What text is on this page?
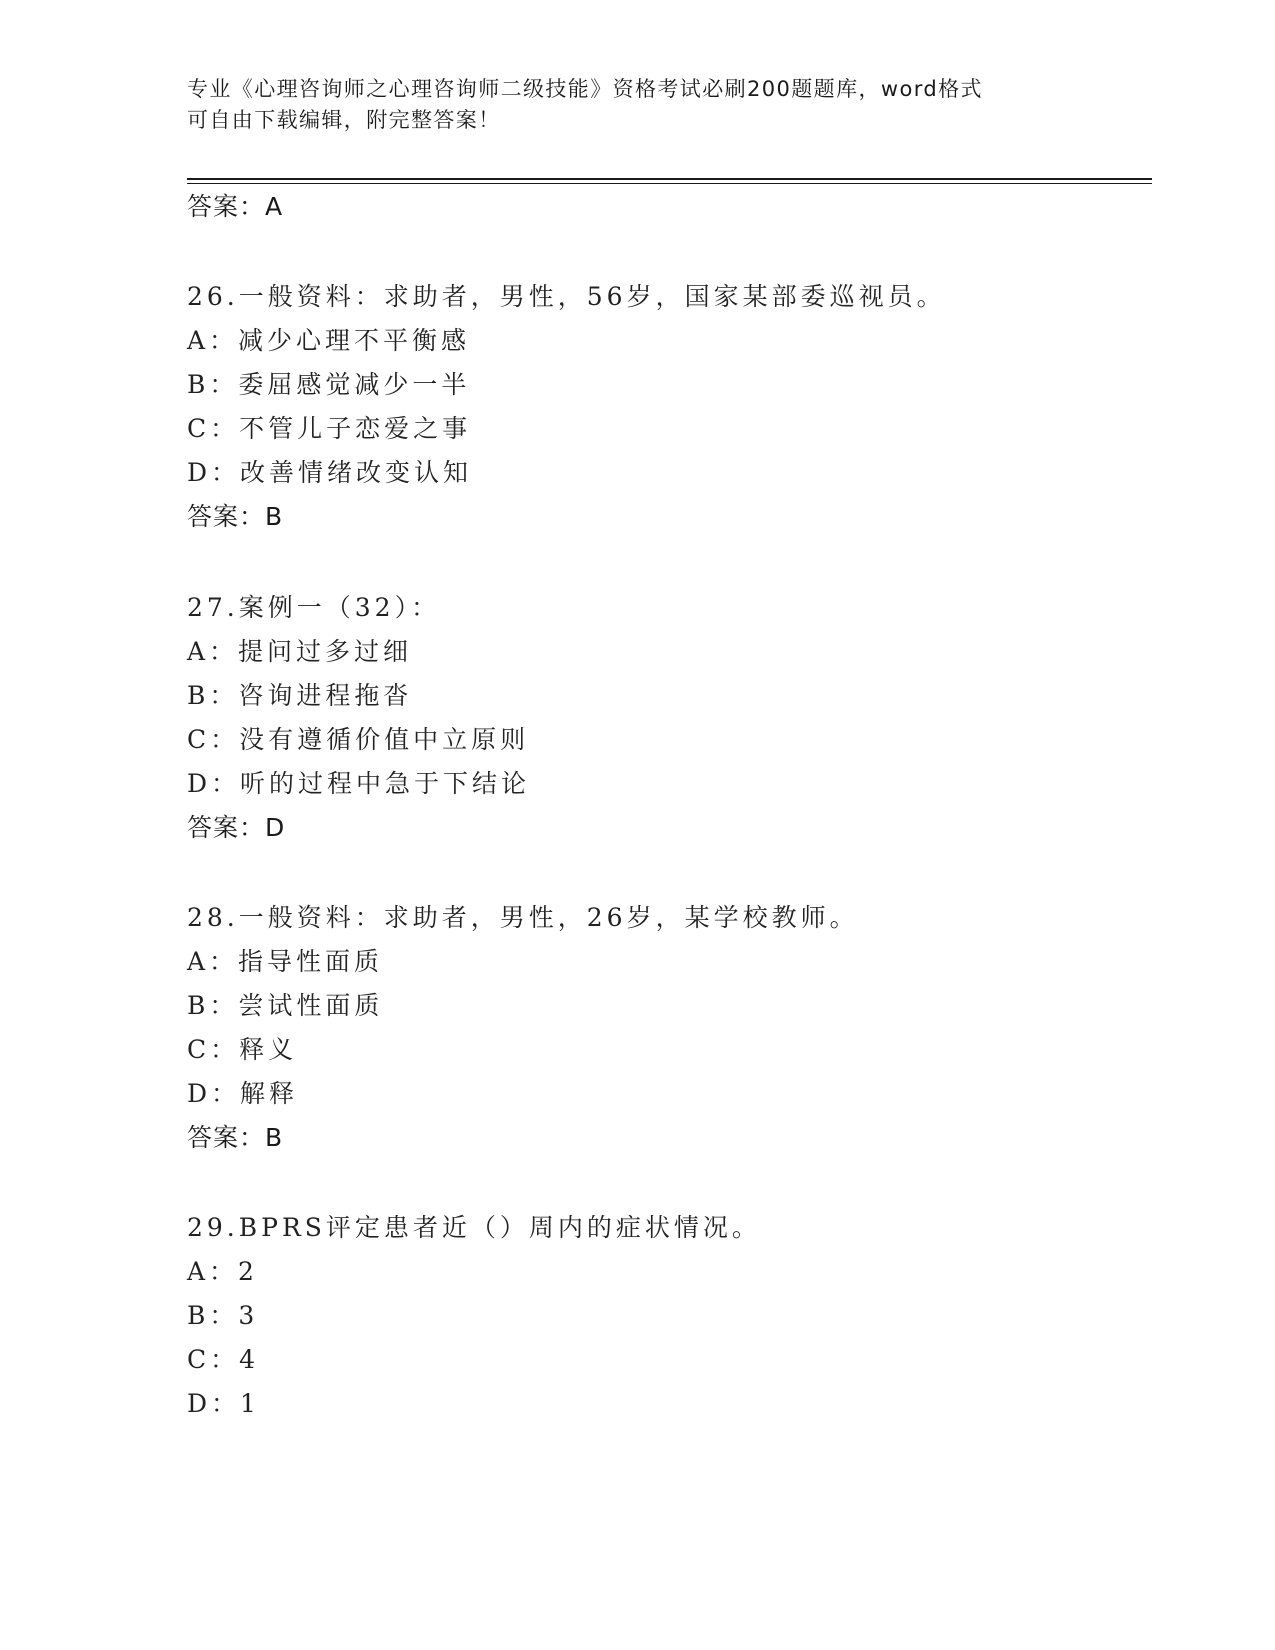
专业《心理咨询师之心理咨询师二级技能》资格考试必刷200题题库，word格式
可自由下载编辑，附完整答案！
答案：A
26.一般资料：求助者，男性，56岁，国家某部委巡视员。
A：减少心理不平衡感
B：委屈感觉减少一半
C：不管儿子恋爱之事
D：改善情绪改变认知
答案：B
27.案例一（32）：
A：提问过多过细
B：咨询进程拖沓
C：没有遵循价值中立原则
D：听的过程中急于下结论
答案：D
28.一般资料：求助者，男性，26岁，某学校教师。
A：指导性面质
B：尝试性面质
C：释义
D：解释
答案：B
29.BPRS评定患者近（）周内的症状情况。
A：2
B：3
C：4
D：1
